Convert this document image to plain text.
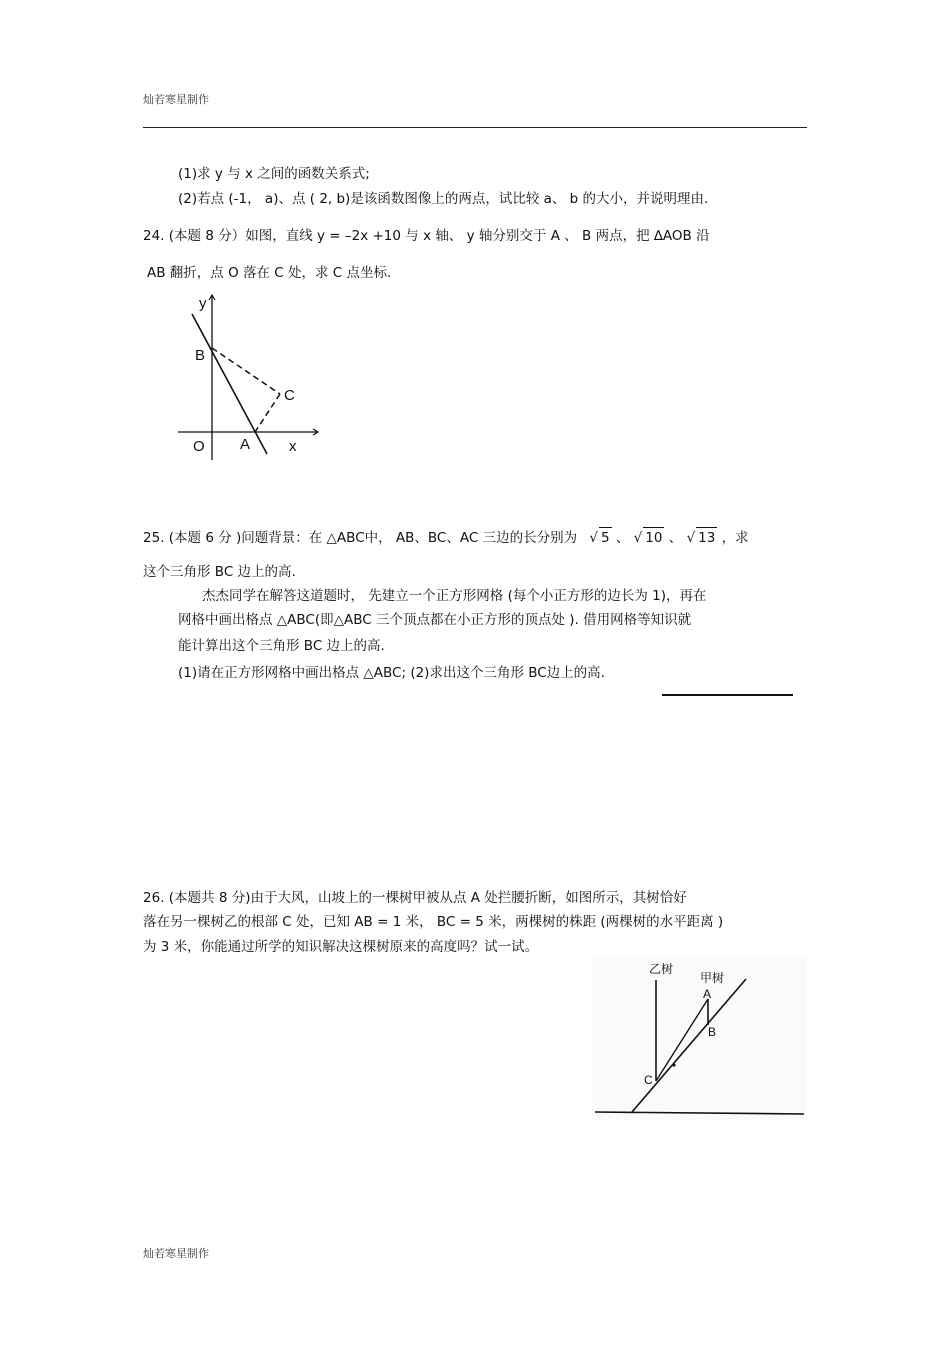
灿若寒星制作
(1)求 y 与 x 之间的函数关系式;
(2)若点 (-1， a)、点 ( 2, b)是该函数图像上的两点，试比较 a、 b 的大小，并说明理由.
24. (本题 8 分）如图，直线 y = –2x +10 与 x 轴、 y 轴分别交于 A 、 B 两点，把 ∆AOB 沿
AB 翻折，点 O 落在 C 处，求 C 点坐标.
y
B
C
O A	x
25. (本题 6 分 )问题背景：在 △ABC中， AB、BC、AC 三边的长分别为 √ 5 、 √ 10 、 √ 13 ，求
这个三角形 BC 边上的高.
杰杰同学在解答这道题时， 先建立一个正方形网格 (每个小正方形的边长为 1)，再在
网格中画出格点 △ABC(即△ABC 三个顶点都在小正方形的顶点处 ). 借用网格等知识就
能计算出这个三角形 BC 边上的高.
(1)请在正方形网格中画出格点 △ABC; (2)求出这个三角形 BC边上的高.
26. (本题共 8 分)由于大风，山坡上的一棵树甲被从点 A 处拦腰折断，如图所示，其树恰好
落在另一棵树乙的根部 C 处，已知 AB = 1 米， BC = 5 米，两棵树的株距 (两棵树的水平距离 )
为 3 米，你能通过所学的知识解决这棵树原来的高度吗？试一试。
乙树
甲树
A
B
C
灿若寒星制作
